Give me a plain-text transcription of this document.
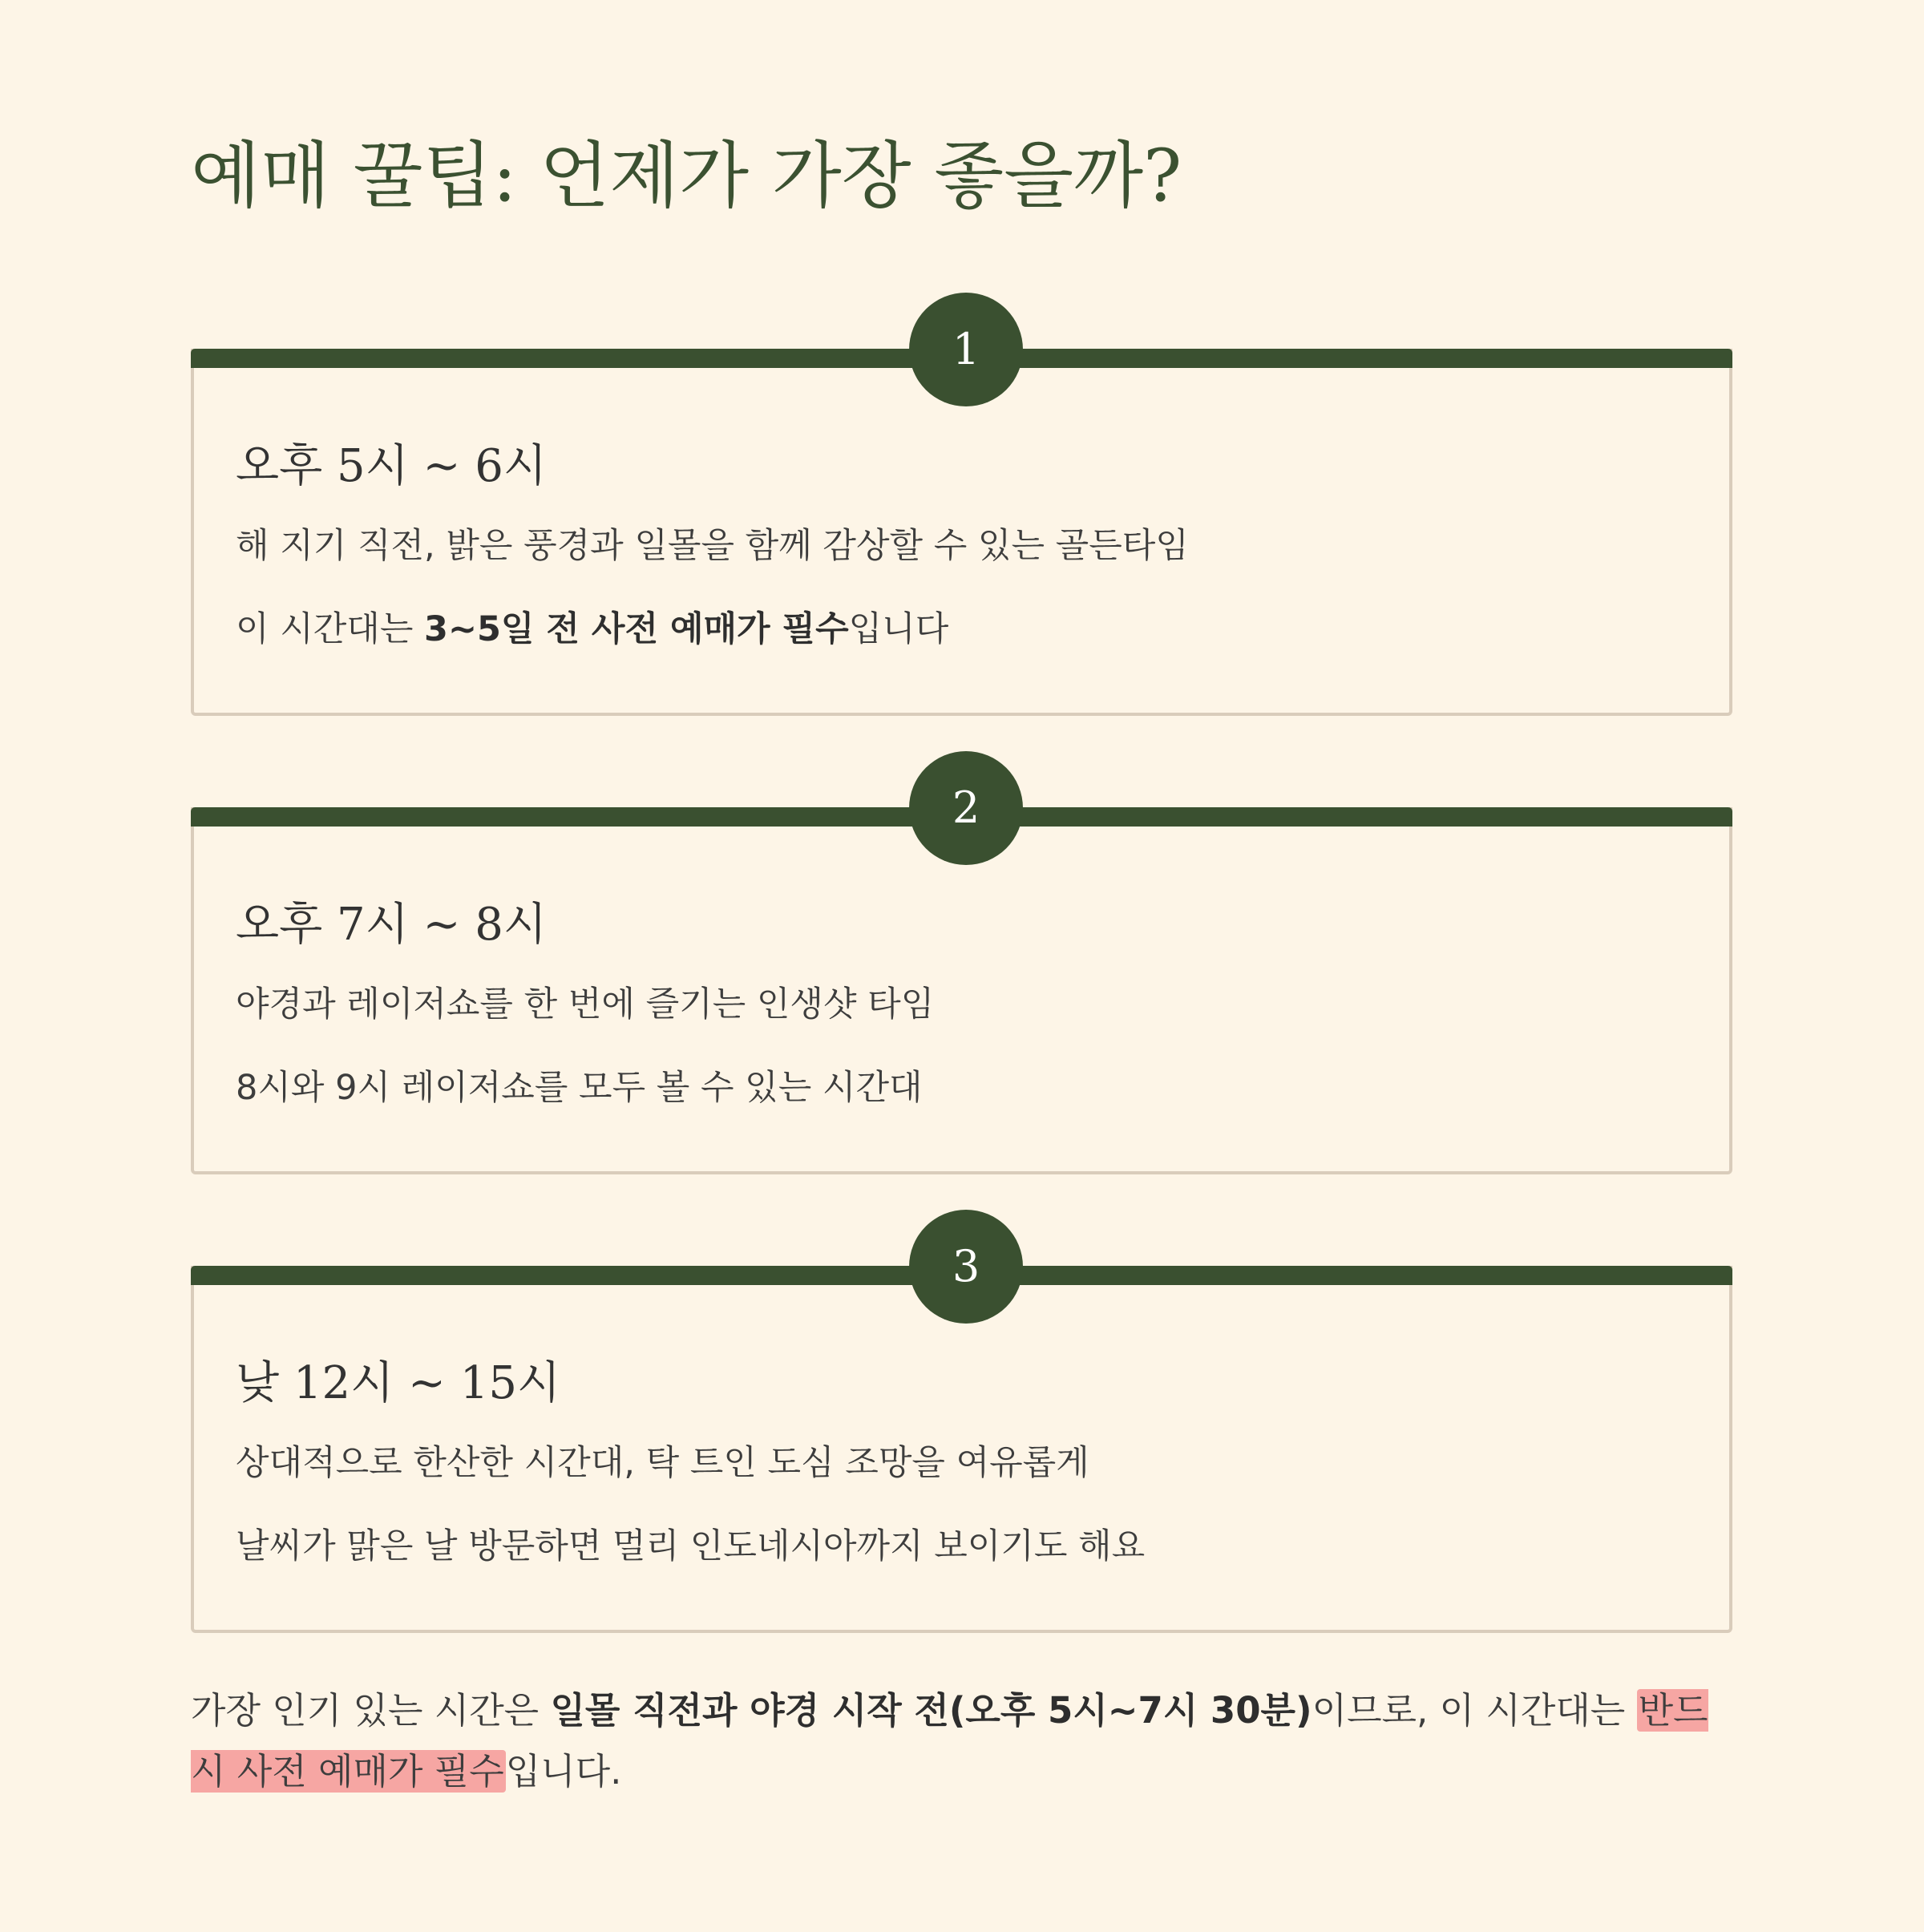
예매 꿀팁: 언제가 가장 좋을까?
1
오후 5시 ~ 6시

해 지기 직전, 밝은 풍경과 일몰을 함께 감상할 수 있는 골든타임

이 시간대는 3~5일 전 사전 예매가 필수입니다

2
오후 7시 ~ 8시

야경과 레이저쇼를 한 번에 즐기는 인생샷 타임

8시와 9시 레이저쇼를 모두 볼 수 있는 시간대

3
낮 12시 ~ 15시

상대적으로 한산한 시간대, 탁 트인 도심 조망을 여유롭게

날씨가 맑은 날 방문하면 멀리 인도네시아까지 보이기도 해요

가장 인기 있는 시간은 일몰 직전과 야경 시작 전(오후 5시~7시 30분)이므로, 이 시간대는 반드시 사전 예매가 필수입니다.
